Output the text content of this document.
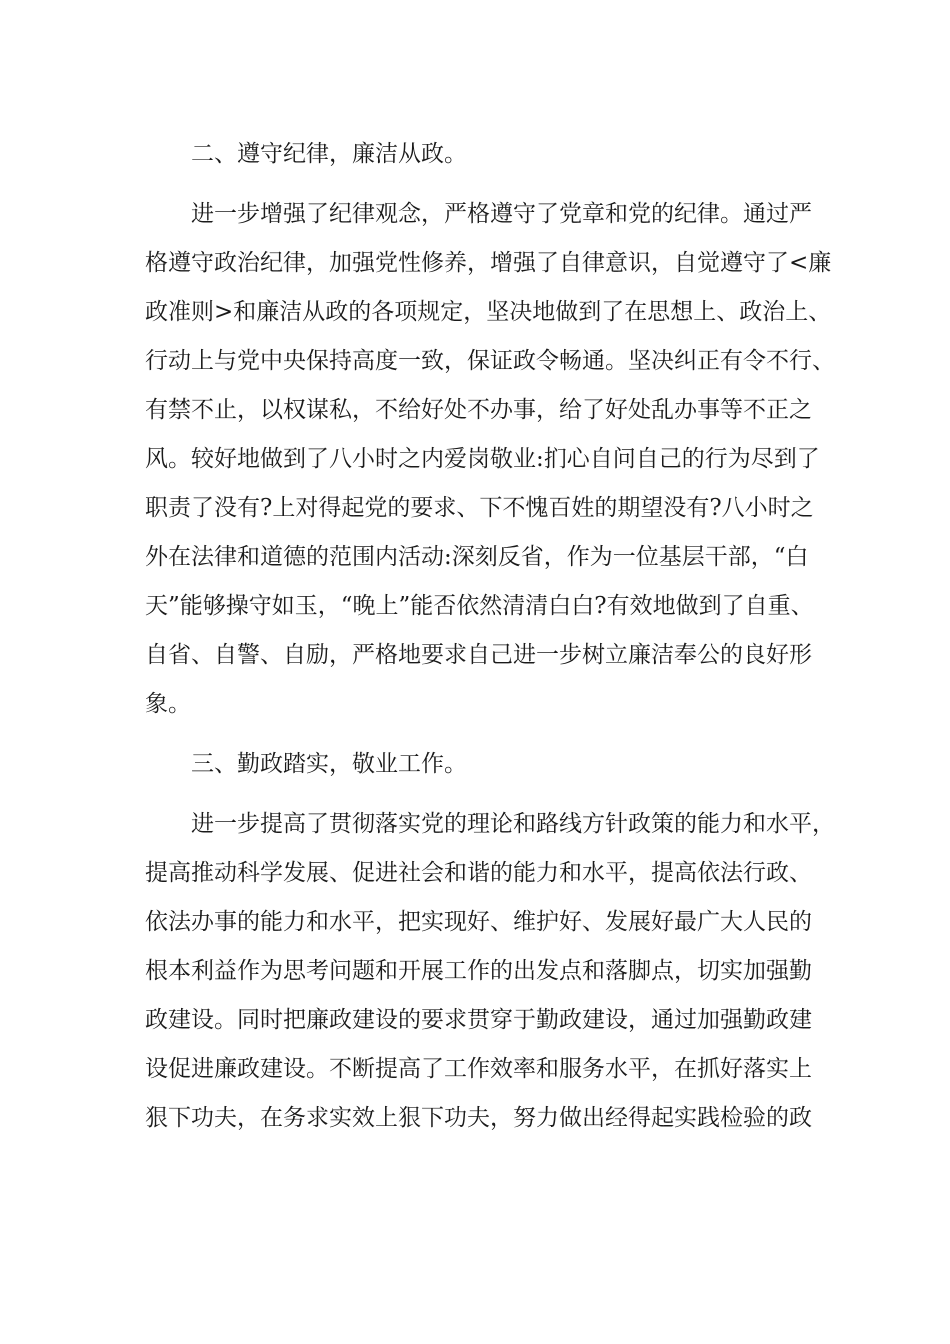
二、遵守纪律，廉洁从政。
进一步增强了纪律观念，严格遵守了党章和党的纪律。通过严
格遵守政治纪律，加强党性修养，增强了自律意识，自觉遵守了<廉
政准则>和廉洁从政的各项规定，坚决地做到了在思想上、政治上、
行动上与党中央保持高度一致，保证政令畅通。坚决纠正有令不行、
有禁不止，以权谋私，不给好处不办事，给了好处乱办事等不正之
风。较好地做到了八小时之内爱岗敬业:扪心自问自己的行为尽到了
职责了没有?上对得起党的要求、下不愧百姓的期望没有?八小时之
外在法律和道德的范围内活动:深刻反省，作为一位基层干部，“白
天”能够操守如玉，“晚上”能否依然清清白白?有效地做到了自重、
自省、自警、自励，严格地要求自己进一步树立廉洁奉公的良好形
象。
三、勤政踏实，敬业工作。
进一步提高了贯彻落实党的理论和路线方针政策的能力和水平，
提高推动科学发展、促进社会和谐的能力和水平，提高依法行政、
依法办事的能力和水平，把实现好、维护好、发展好最广大人民的
根本利益作为思考问题和开展工作的出发点和落脚点，切实加强勤
政建设。同时把廉政建设的要求贯穿于勤政建设，通过加强勤政建
设促进廉政建设。不断提高了工作效率和服务水平，在抓好落实上
狠下功夫，在务求实效上狠下功夫，努力做出经得起实践检验的政
